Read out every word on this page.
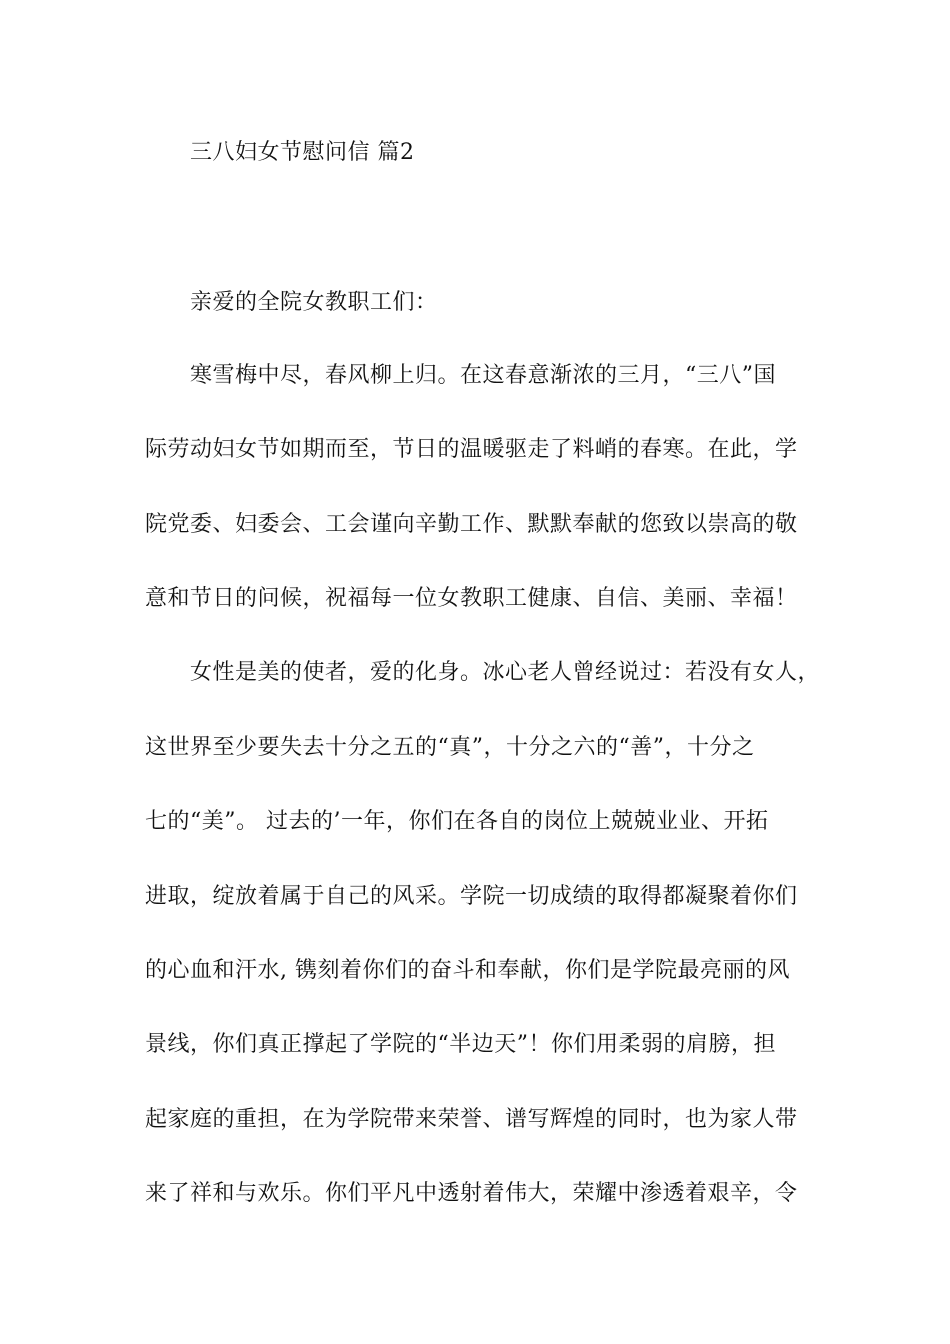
三八妇女节慰问信 篇2
亲爱的全院女教职工们：
寒雪梅中尽，春风柳上归。在这春意渐浓的三月，“三八”国
际劳动妇女节如期而至，节日的温暖驱走了料峭的春寒。在此，学
院党委、妇委会、工会谨向辛勤工作、默默奉献的您致以崇高的敬
意和节日的问候，祝福每一位女教职工健康、自信、美丽、幸福！
女性是美的使者，爱的化身。冰心老人曾经说过：若没有女人，
这世界至少要失去十分之五的“真”，十分之六的“善”，十分之
七的“美”。 过去的’一年，你们在各自的岗位上兢兢业业、开拓
进取，绽放着属于自己的风采。学院一切成绩的取得都凝聚着你们
的心血和汗水, 镌刻着你们的奋斗和奉献，你们是学院最亮丽的风
景线，你们真正撑起了学院的“半边天”！你们用柔弱的肩膀，担
起家庭的重担，在为学院带来荣誉、谱写辉煌的同时，也为家人带
来了祥和与欢乐。你们平凡中透射着伟大，荣耀中渗透着艰辛，令
